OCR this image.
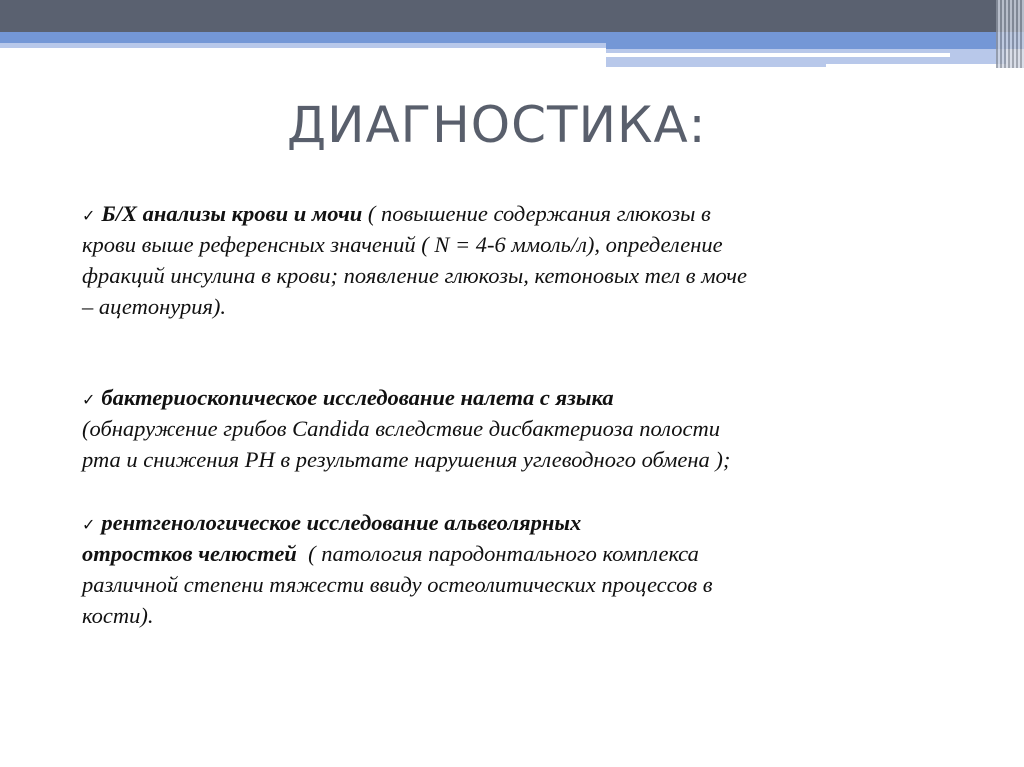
ДИАГНОСТИКА:
✓ Б/Х анализы крови и мочи ( повышение содержания глюкозы в
крови выше референсных значений ( N = 4-6 ммоль/л), определение
фракций инсулина в крови; появление глюкозы, кетоновых тел в моче
– ацетонурия).
✓ бактериоскопическое исследование налета с языка
(обнаружение грибов Candida вследствие дисбактериоза полости
рта и снижения РН в результате нарушения углеводного обмена );
✓ рентгенологическое исследование альвеолярных
отростков челюстей  ( патология пародонтального комплекса
различной степени тяжести ввиду остеолитических процессов в
кости).
